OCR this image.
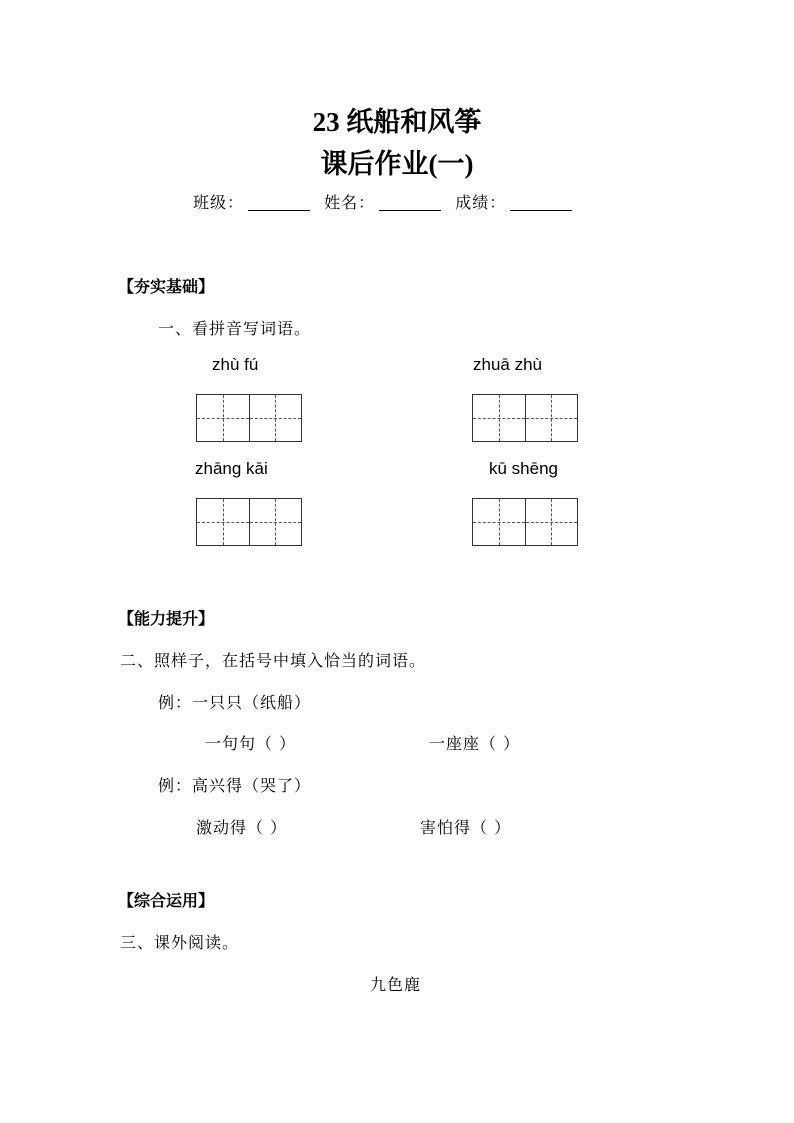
23 纸船和风筝
课后作业(一)
班级：	姓名：	成绩：
【夯实基础】
一、看拼音写词语。
zhù fú	zhuā zhù
zhāng kāi	kū shēng
【能力提升】
二、照样子，在括号中填入恰当的词语。
例：一只只（纸船）
一句句（ ）	一座座（ ）
例：高兴得（哭了）
激动得（ ）	害怕得（ ）
【综合运用】
三、课外阅读。
九色鹿
